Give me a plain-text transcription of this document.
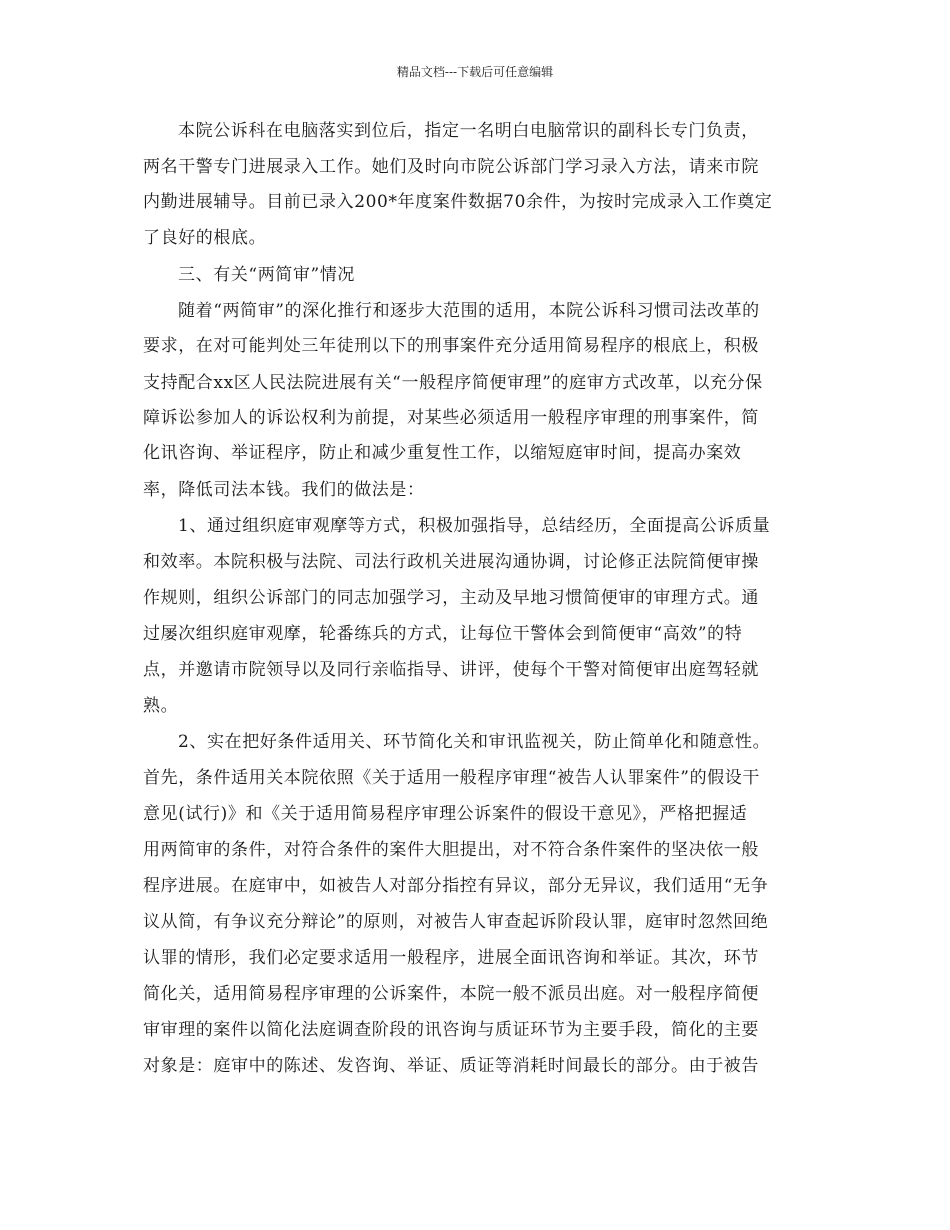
精品文档---下载后可任意编辑
本院公诉科在电脑落实到位后，指定一名明白电脑常识的副科长专门负责，
两名干警专门进展录入工作。她们及时向市院公诉部门学习录入方法，请来市院
内勤进展辅导。目前已录入200*年度案件数据70余件，为按时完成录入工作奠定
了良好的根底。
三、有关“两简审”情况
随着“两简审”的深化推行和逐步大范围的适用，本院公诉科习惯司法改革的
要求，在对可能判处三年徒刑以下的刑事案件充分适用简易程序的根底上，积极
支持配合xx区人民法院进展有关“一般程序简便审理”的庭审方式改革，以充分保
障诉讼参加人的诉讼权利为前提，对某些必须适用一般程序审理的刑事案件，简
化讯咨询、举证程序，防止和减少重复性工作，以缩短庭审时间，提高办案效
率，降低司法本钱。我们的做法是：
1、通过组织庭审观摩等方式，积极加强指导，总结经历，全面提高公诉质量
和效率。本院积极与法院、司法行政机关进展沟通协调，讨论修正法院简便审操
作规则，组织公诉部门的同志加强学习，主动及早地习惯简便审的审理方式。通
过屡次组织庭审观摩，轮番练兵的方式，让每位干警体会到简便审“高效”的特
点，并邀请市院领导以及同行亲临指导、讲评，使每个干警对简便审出庭驾轻就
熟。
2、实在把好条件适用关、环节简化关和审讯监视关，防止简单化和随意性。
首先，条件适用关本院依照《关于适用一般程序审理“被告人认罪案件”的假设干
意见(试行)》和《关于适用简易程序审理公诉案件的假设干意见》，严格把握适
用两简审的条件，对符合条件的案件大胆提出，对不符合条件案件的坚决依一般
程序进展。在庭审中，如被告人对部分指控有异议，部分无异议，我们适用“无争
议从简，有争议充分辩论”的原则，对被告人审查起诉阶段认罪，庭审时忽然回绝
认罪的情形，我们必定要求适用一般程序，进展全面讯咨询和举证。其次，环节
简化关，适用简易程序审理的公诉案件，本院一般不派员出庭。对一般程序简便
审审理的案件以简化法庭调查阶段的讯咨询与质证环节为主要手段，简化的主要
对象是：庭审中的陈述、发咨询、举证、质证等消耗时间最长的部分。由于被告
